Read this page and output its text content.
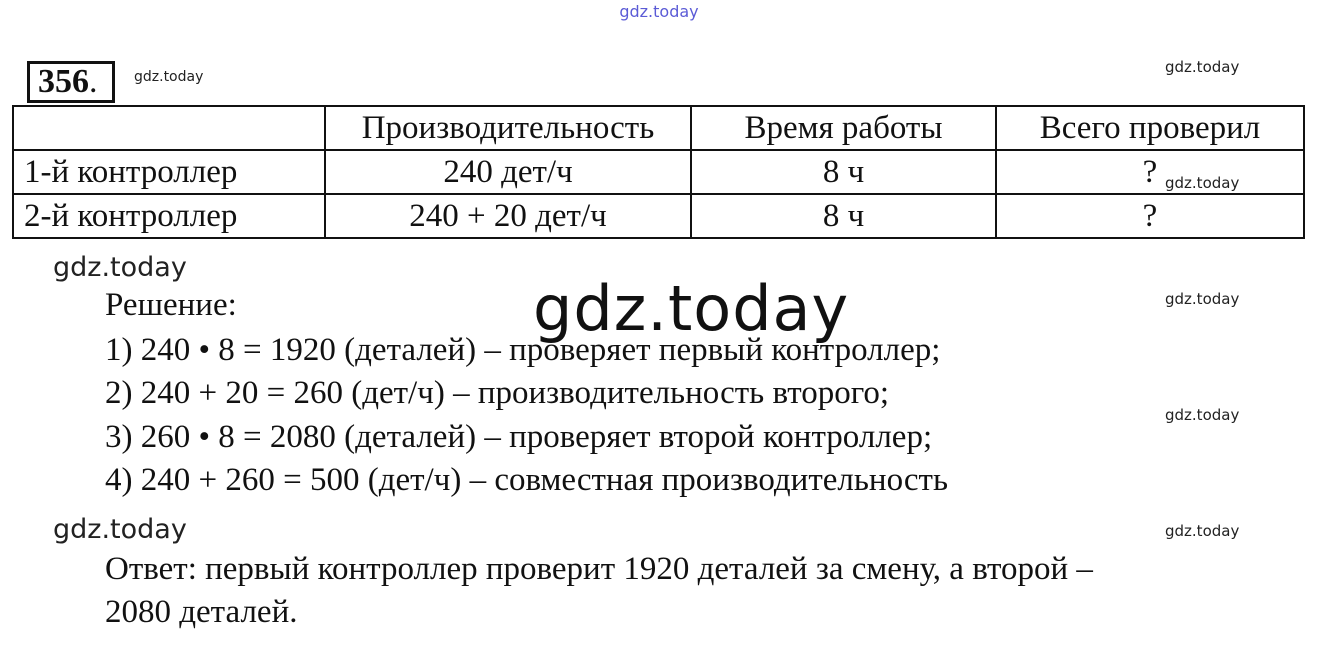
gdz.today
356.	gdz.today
gdz.today
	Производительность	Время работы	Всего проверил
1-й контроллер	240 дет/ч	8 ч	?
2-й контроллер	240 + 20 дет/ч	8 ч	?
gdz.today
gdz.today
gdz.today	gdz.today
Решение:
1) 240 • 8 = 1920 (деталей) – проверяет первый контроллер;
2) 240 + 20 = 260 (дет/ч) – производительность второго;
gdz.today
3) 260 • 8 = 2080 (деталей) – проверяет второй контроллер;
4) 240 + 260 = 500 (дет/ч) – совместная производительность
gdz.today	gdz.today
Ответ: первый контроллер проверит 1920 деталей за смену, а второй –
2080 деталей.
